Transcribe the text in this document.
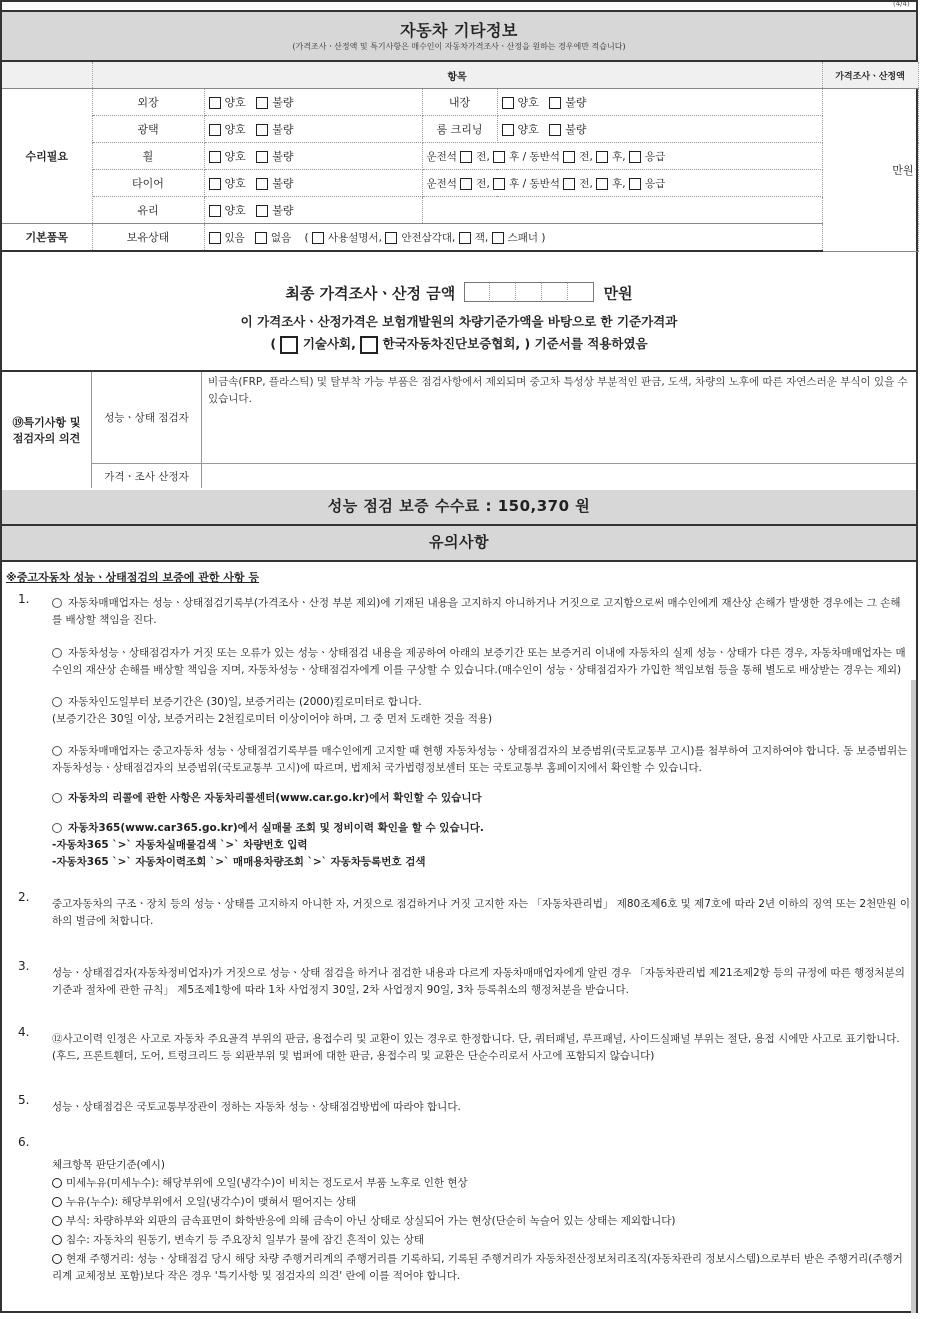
(4/4)
자동차 기타정보
(가격조사ㆍ산정액 및 특기사항은 매수인이 자동차가격조사ㆍ산정을 원하는 경우에만 적습니다)
	항목				가격조사ㆍ산정액
수리필요	외장	양호 불량	내장	양호 불량	만원
	광택	양호 불량	룸 크리닝	양호 불량	
	휠	양호 불량	운전석 전, 후 / 동반석 전, 후, 응급		
	타이어	양호 불량	운전석 전, 후 / 동반석 전, 후, 응급		
	유리	양호 불량			
기본품목	보유상태	있음 없음 ( 사용설명서, 안전삼각대, 잭, 스패너 )			
최종 가격조사ㆍ산정 금액	만원
이 가격조사ㆍ산정가격은 보험개발원의 차량기준가액을 바탕으로 한 기준가격과
( 기술사회, 한국자동차진단보증협회, ) 기준서를 적용하였음
⑲특기사항 및 점검자의 의견
성능ㆍ상태 점검자
비금속(FRP, 플라스틱) 및 탈부착 가능 부품은 점검사항에서 제외되며 중고차 특성상 부분적인 판금, 도색, 차량의 노후에 따른 자연스러운 부식이 있을 수 있습니다.
가격ㆍ조사 산정자
성능 점검 보증 수수료 : 150,370 원
유의사항
※중고자동차 성능ㆍ상태점검의 보증에 관한 사항 등
1.	자동차매매업자는 성능ㆍ상태점검기록부(가격조사ㆍ산정 부분 제외)에 기재된 내용을 고지하지 아니하거나 거짓으로 고지함으로써 매수인에게 재산상 손해가 발생한 경우에는 그 손해를 배상할 책임을 진다.
자동차성능ㆍ상태점검자가 거짓 또는 오류가 있는 성능ㆍ상태점검 내용을 제공하여 아래의 보증기간 또는 보증거리 이내에 자동차의 실제 성능ㆍ상태가 다른 경우, 자동차매매업자는 매수인의 재산상 손해를 배상할 책임을 지며, 자동차성능ㆍ상태점검자에게 이를 구상할 수 있습니다.(매수인이 성능ㆍ상태점검자가 가입한 책임보험 등을 통해 별도로 배상받는 경우는 제외)
자동차인도일부터 보증기간은 (30)일, 보증거리는 (2000)킬로미터로 합니다.
(보증기간은 30일 이상, 보증거리는 2천킬로미터 이상이어야 하며, 그 중 먼저 도래한 것을 적용)
자동차매매업자는 중고자동차 성능ㆍ상태점검기록부를 매수인에게 고지할 때 현행 자동차성능ㆍ상태점검자의 보증범위(국토교통부 고시)를 첨부하여 고지하여야 합니다. 동 보증범위는 자동차성능ㆍ상태점검자의 보증범위(국토교통부 고시)에 따르며, 법제처 국가법령정보센터 또는 국토교통부 홈페이지에서 확인할 수 있습니다.
자동차의 리콜에 관한 사항은 자동차리콜센터(www.car.go.kr)에서 확인할 수 있습니다
자동차365(www.car365.go.kr)에서 실매물 조회 및 정비이력 확인을 할 수 있습니다.
-자동차365 `>` 자동차실매물검색 `>` 차량번호 입력
-자동차365 `>` 자동차이력조회 `>` 매매용차량조회 `>` 자동차등록번호 검색
2. 중고자동차의 구조ㆍ장치 등의 성능ㆍ상태를 고지하지 아니한 자, 거짓으로 점검하거나 거짓 고지한 자는 「자동차관리법」 제80조제6호 및 제7호에 따라 2년 이하의 징역 또는 2천만원 이하의 벌금에 처합니다.
3. 성능ㆍ상태점검자(자동차정비업자)가 거짓으로 성능ㆍ상태 점검을 하거나 점검한 내용과 다르게 자동차매매업자에게 알린 경우 「자동차관리법 제21조제2항 등의 규정에 따른 행정처분의 기준과 절차에 관한 규칙」 제5조제1항에 따라 1차 사업정지 30일, 2차 사업정지 90일, 3차 등록취소의 행정처분을 받습니다.
4. ⑫사고이력 인정은 사고로 자동차 주요골격 부위의 판금, 용접수리 및 교환이 있는 경우로 한정합니다. 단, 쿼터패널, 루프패널, 사이드실패널 부위는 절단, 용접 시에만 사고로 표기합니다. (후드, 프론트휀더, 도어, 트렁크리드 등 외판부위 및 범퍼에 대한 판금, 용접수리 및 교환은 단순수리로서 사고에 포함되지 않습니다)
5. 성능ㆍ상태점검은 국토교통부장관이 정하는 자동차 성능ㆍ상태점검방법에 따라야 합니다.
6.
체크항목 판단기준(예시)
미세누유(미세누수): 해당부위에 오일(냉각수)이 비치는 정도로서 부품 노후로 인한 현상
누유(누수): 해당부위에서 오일(냉각수)이 맺혀서 떨어지는 상태
부식: 차량하부와 외판의 금속표면이 화학반응에 의해 금속이 아닌 상태로 상실되어 가는 현상(단순히 녹슬어 있는 상태는 제외합니다)
침수: 자동차의 원동기, 변속기 등 주요장치 일부가 물에 잠긴 흔적이 있는 상태
현재 주행거리: 성능ㆍ상태점검 당시 해당 차량 주행거리계의 주행거리를 기록하되, 기록된 주행거리가 자동차전산정보처리조직(자동차관리 정보시스템)으로부터 받은 주행거리(주행거리계 교체정보 포함)보다 작은 경우 '특기사항 및 점검자의 의견' 란에 이를 적어야 합니다.
